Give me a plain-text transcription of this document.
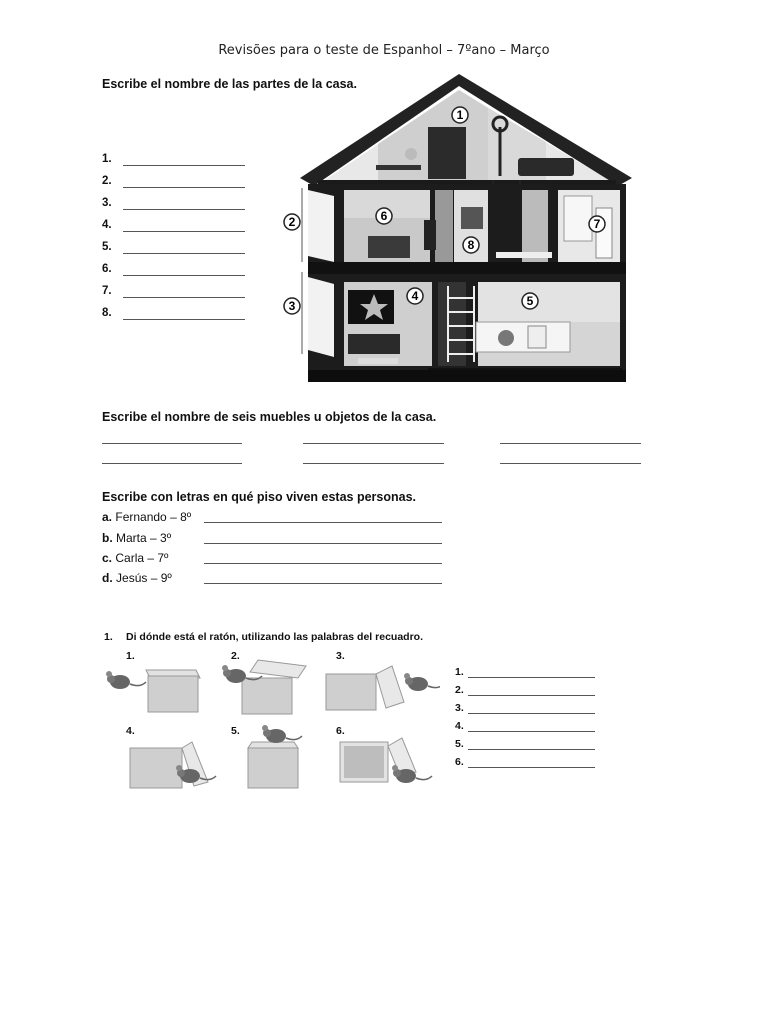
Revisões para o teste de Espanhol – 7ºano – Março
Escribe el nombre de las partes de la casa.
1.
2.
3.
4.
5.
6.
7.
8.
1
2
3
4	5
6
7
8
Escribe el nombre de seis muebles u objetos de la casa.
Escribe con letras en qué piso viven estas personas.
a. Fernando – 8º
b. Marta – 3º
c. Carla – 7º
d. Jesús – 9º
1. Di dónde está el ratón, utilizando las palabras del recuadro.
1.	2.	3.
4.	5.	6.
1.
2.
3.
4.
5.
6.
